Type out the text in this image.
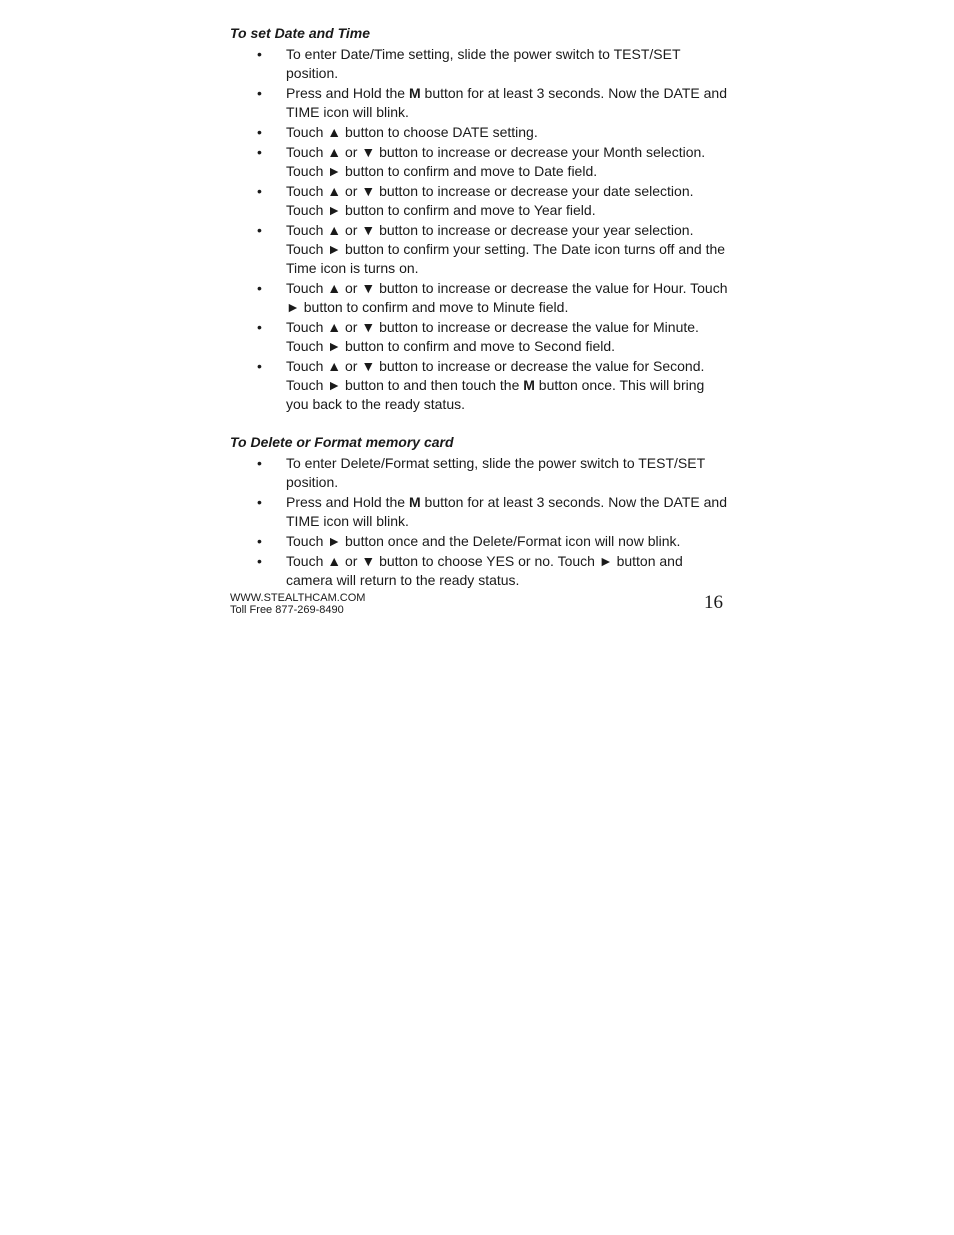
To set Date and Time

• To enter Date/Time setting, slide the power switch to TEST/SET position.
• Press and Hold the M button for at least 3 seconds. Now the DATE and TIME icon will blink.
• Touch ▲ button to choose DATE setting.
• Touch ▲ or ▼ button to increase or decrease your Month selection. Touch ► button to confirm and move to Date field.
• Touch ▲ or ▼ button to increase or decrease your date selection. Touch ► button to confirm and move to Year field.
• Touch ▲ or ▼ button to increase or decrease your year selection. Touch ► button to confirm your setting. The Date icon turns off and the Time icon is turns on.
• Touch ▲ or ▼ button to increase or decrease the value for Hour. Touch ► button to confirm and move to Minute field.
• Touch ▲ or ▼ button to increase or decrease the value for Minute. Touch ► button to confirm and move to Second field.
• Touch ▲ or ▼ button to increase or decrease the value for Second. Touch ► button to and then touch the M button once. This will bring you back to the ready status.

To Delete or Format memory card

• To enter Delete/Format setting, slide the power switch to TEST/SET position.
• Press and Hold the M button for at least 3 seconds. Now the DATE and TIME icon will blink.
• Touch ► button once and the Delete/Format icon will now blink.
• Touch ▲ or ▼ button to choose YES or no. Touch ► button and camera will return to the ready status.
WWW.STEALTHCAM.COM
Toll Free 877-269-8490	16
